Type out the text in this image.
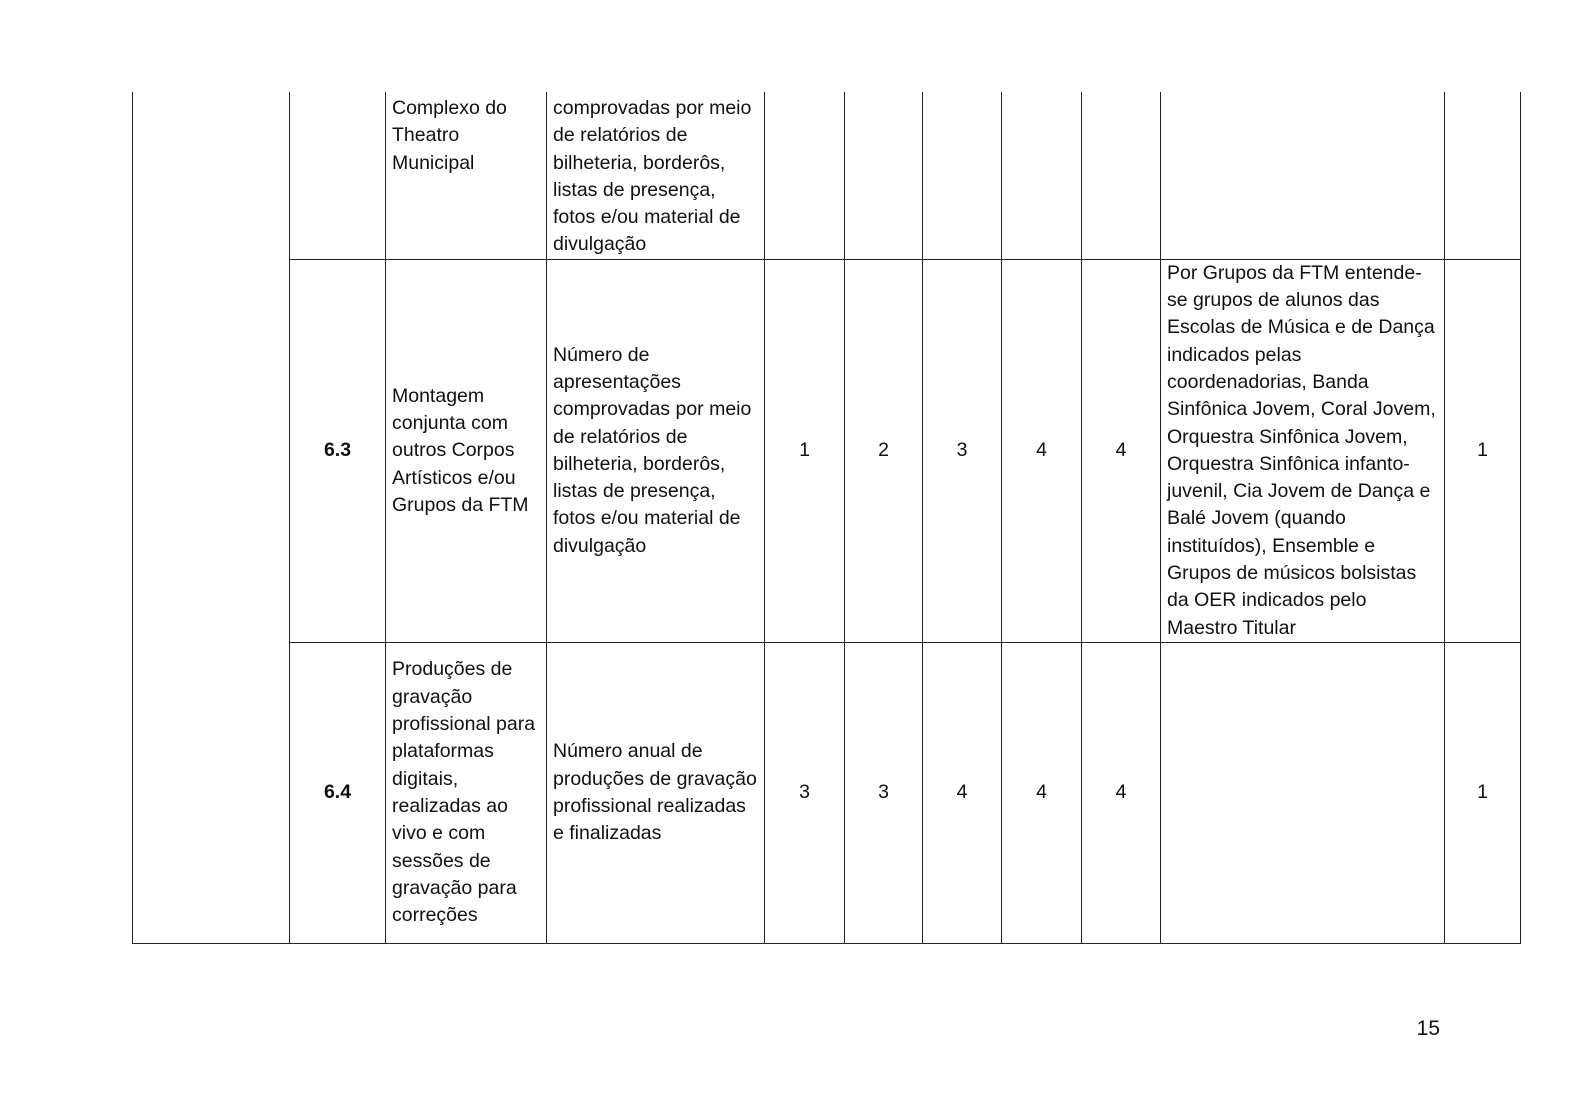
		Complexo do Theatro Municipal	comprovadas por meio de relatórios de bilheteria, borderôs, listas de presença, fotos e/ou material de divulgação							
	6.3	Montagem conjunta com outros Corpos Artísticos e/ou Grupos da FTM	Número de apresentações comprovadas por meio de relatórios de bilheteria, borderôs, listas de presença, fotos e/ou material de divulgação	1	2	3	4	4	Por Grupos da FTM entende-se grupos de alunos das Escolas de Música e de Dança indicados pelas coordenadorias, Banda Sinfônica Jovem, Coral Jovem, Orquestra Sinfônica Jovem, Orquestra Sinfônica infanto-juvenil, Cia Jovem de Dança e Balé Jovem (quando instituídos), Ensemble e Grupos de músicos bolsistas da OER indicados pelo Maestro Titular	1
	6.4	Produções de gravação profissional para plataformas digitais, realizadas ao vivo e com sessões de gravação para correções	Número anual de produções de gravação profissional realizadas e finalizadas	3	3	4	4	4		1
15
